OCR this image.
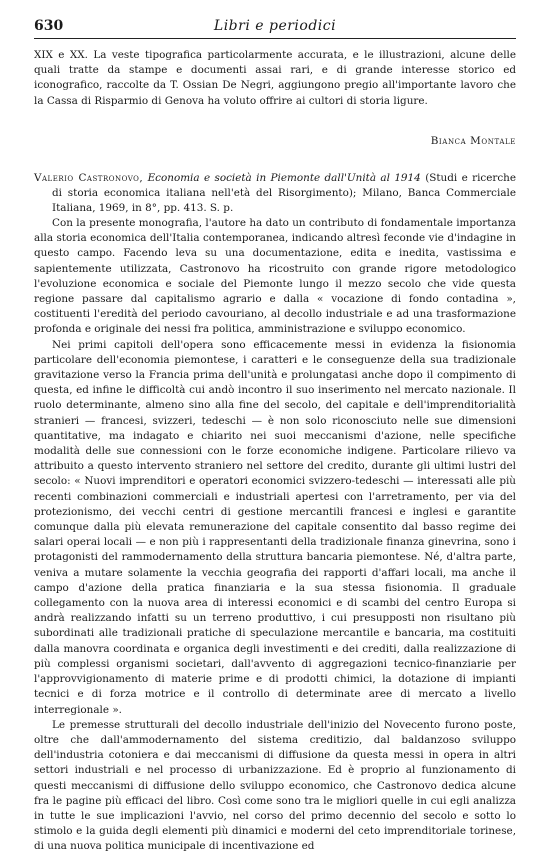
630	Libri e periodici

XIX e XX. La veste tipografica particolarmente accurata, e le illustrazioni, alcune delle quali tratte da stampe e documenti assai rari, e di grande interesse storico ed iconografico, raccolte da T. Ossian De Negri, aggiungono pregio all'importante lavoro che la Cassa di Risparmio di Genova ha voluto offrire ai cultori di storia ligure.

Bianca Montale

Valerio Castronovo, Economia e società in Piemonte dall'Unità al 1914 (Studi e ricerche di storia economica italiana nell'età del Risorgimento); Milano, Banca Commerciale Italiana, 1969, in 8°, pp. 413. S. p.

Con la presente monografia, l'autore ha dato un contributo di fondamentale importanza alla storia economica dell'Italia contemporanea, indicando altresì feconde vie d'indagine in questo campo. Facendo leva su una documentazione, edita e inedita, vastissima e sapientemente utilizzata, Castronovo ha ricostruito con grande rigore metodologico l'evoluzione economica e sociale del Piemonte lungo il mezzo secolo che vide questa regione passare dal capitalismo agrario e dalla « vocazione di fondo contadina », costituenti l'eredità del periodo cavouriano, al decollo industriale e ad una trasformazione profonda e originale dei nessi fra politica, amministrazione e sviluppo economico.

Nei primi capitoli dell'opera sono efficacemente messi in evidenza la fisionomia particolare dell'economia piemontese, i caratteri e le conseguenze della sua tradizionale gravitazione verso la Francia prima dell'unità e prolungatasi anche dopo il compimento di questa, ed infine le difficoltà cui andò incontro il suo inserimento nel mercato nazionale. Il ruolo determinante, almeno sino alla fine del secolo, del capitale e dell'imprenditorialità stranieri — francesi, svizzeri, tedeschi — è non solo riconosciuto nelle sue dimensioni quantitative, ma indagato e chiarito nei suoi meccanismi d'azione, nelle specifiche modalità delle sue connessioni con le forze economiche indigene. Particolare rilievo va attribuito a questo intervento straniero nel settore del credito, durante gli ultimi lustri del secolo: « Nuovi imprenditori e operatori economici svizzero-tedeschi — interessati alle più recenti combinazioni commerciali e industriali apertesi con l'arretramento, per via del protezionismo, dei vecchi centri di gestione mercantili francesi e inglesi e garantite comunque dalla più elevata remunerazione del capitale consentito dal basso regime dei salari operai locali — e non più i rappresentanti della tradizionale finanza ginevrina, sono i protagonisti del rammodernamento della struttura bancaria piemontese. Né, d'altra parte, veniva a mutare solamente la vecchia geografia dei rapporti d'affari locali, ma anche il campo d'azione della pratica finanziaria e la sua stessa fisionomia. Il graduale collegamento con la nuova area di interessi economici e di scambi del centro Europa si andrà realizzando infatti su un terreno produttivo, i cui presupposti non risultano più subordinati alle tradizionali pratiche di speculazione mercantile e bancaria, ma costituiti dalla manovra coordinata e organica degli investimenti e dei crediti, dalla realizzazione di più complessi organismi societari, dall'avvento di aggregazioni tecnico-finanziarie per l'approvvigionamento di materie prime e di prodotti chimici, la dotazione di impianti tecnici e di forza motrice e il controllo di determinate aree di mercato a livello interregionale ».

Le premesse strutturali del decollo industriale dell'inizio del Novecento furono poste, oltre che dall'ammodernamento del sistema creditizio, dal baldanzoso sviluppo dell'industria cotoniera e dai meccanismi di diffusione da questa messi in opera in altri settori industriali e nel processo di urbanizzazione. Ed è proprio al funzionamento di questi meccanismi di diffusione dello sviluppo economico, che Castronovo dedica alcune fra le pagine più efficaci del libro. Così come sono tra le migliori quelle in cui egli analizza in tutte le sue implicazioni l'avvio, nel corso del primo decennio del secolo e sotto lo stimolo e la guida degli elementi più dinamici e moderni del ceto imprenditoriale torinese, di una nuova politica municipale di incentivazione ed
